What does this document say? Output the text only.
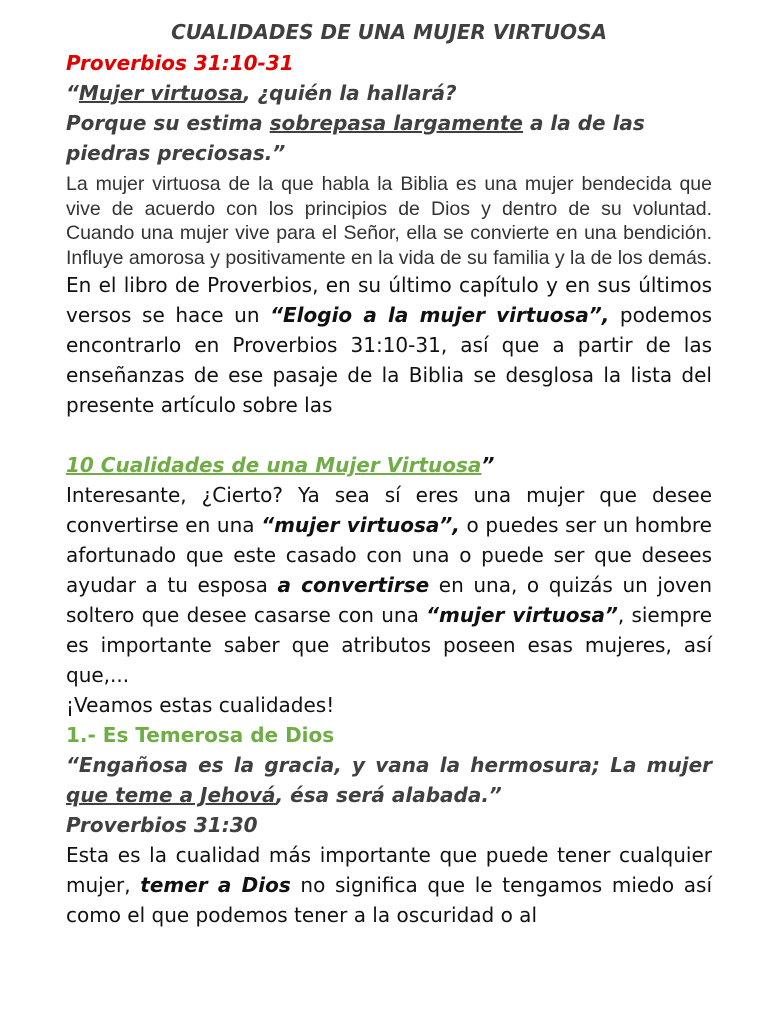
CUALIDADES DE UNA MUJER VIRTUOSA

Proverbios 31:10-31

“Mujer virtuosa, ¿quién la hallará?

Porque su estima sobrepasa largamente a la de las piedras preciosas.”

La mujer virtuosa de la que habla la Biblia es una mujer bendecida que vive de acuerdo con los principios de Dios y dentro de su voluntad. Cuando una mujer vive para el Señor, ella se convierte en una bendición. Influye amorosa y positivamente en la vida de su familia y la de los demás.

En el libro de Proverbios, en su último capítulo y en sus últimos versos se hace un “Elogio a la mujer virtuosa”, podemos encontrarlo en Proverbios 31:10-31, así que a partir de las enseñanzas de ese pasaje de la Biblia se desglosa la lista del presente artículo sobre las

10 Cualidades de una Mujer Virtuosa”

Interesante, ¿Cierto? Ya sea sí eres una mujer que desee convertirse en una “mujer virtuosa”, o puedes ser un hombre afortunado que este casado con una o puede ser que desees ayudar a tu esposa a convertirse en una, o quizás un joven soltero que desee casarse con una “mujer virtuosa”, siempre es importante saber que atributos poseen esas mujeres, así que,...

¡Veamos estas cualidades!

1.- Es Temerosa de Dios

“Engañosa es la gracia, y vana la hermosura; La mujer que teme a Jehová, ésa será alabada.”

Proverbios 31:30

Esta es la cualidad más importante que puede tener cualquier mujer, temer a Dios no significa que le tengamos miedo así como el que podemos tener a la oscuridad o al
